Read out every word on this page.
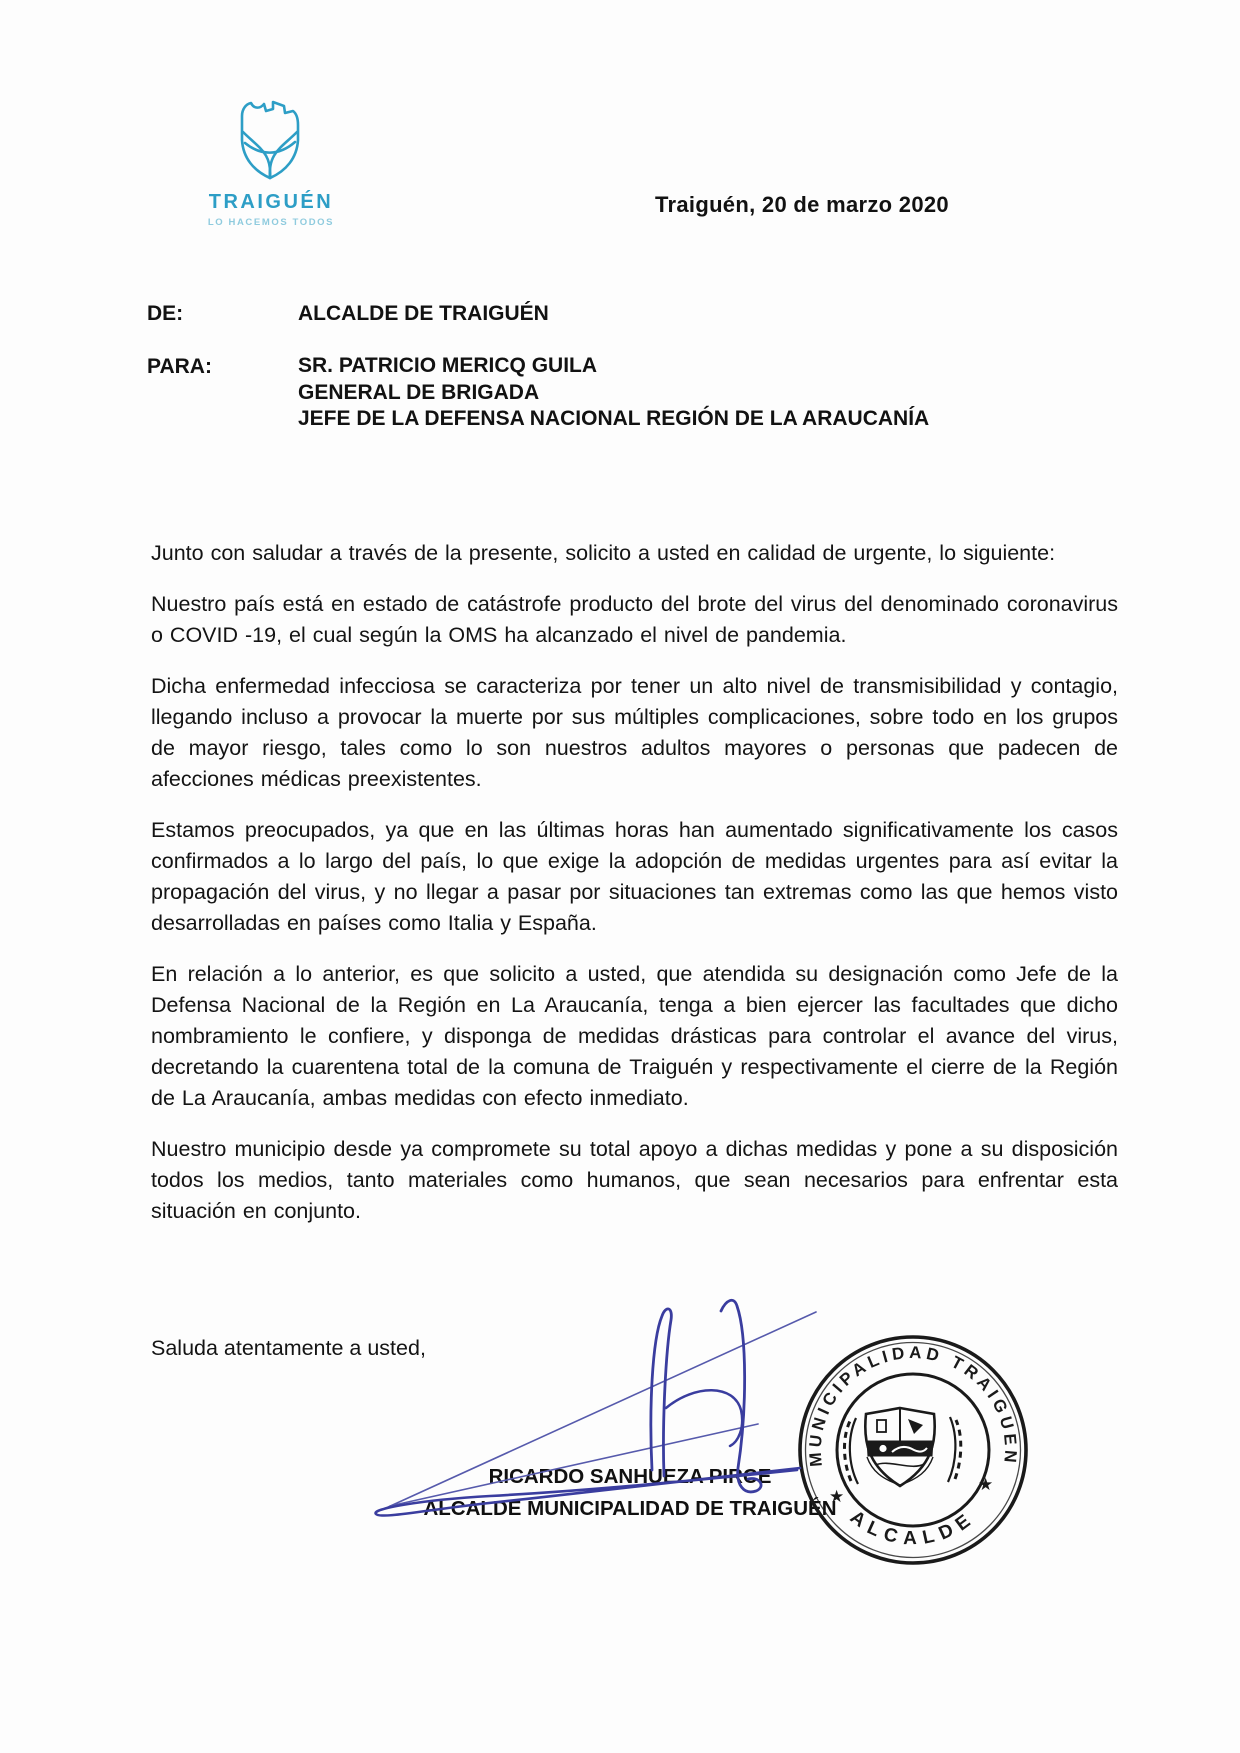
TRAIGUÉN
LO HACEMOS TODOS
Traiguén, 20 de marzo 2020
DE:	ALCALDE DE TRAIGUÉN
PARA:	SR. PATRICIO MERICQ GUILA
GENERAL DE BRIGADA
JEFE DE LA DEFENSA NACIONAL REGIÓN DE LA ARAUCANÍA

Junto con saludar a través de la presente, solicito a usted en calidad de urgente, lo siguiente:

Nuestro país está en estado de catástrofe producto del brote del virus del denominado coronavirus o COVID -19, el cual según la OMS ha alcanzado el nivel de pandemia.

Dicha enfermedad infecciosa se caracteriza por tener un alto nivel de transmisibilidad y contagio, llegando incluso a provocar la muerte por sus múltiples complicaciones, sobre todo en los grupos de mayor riesgo, tales como lo son nuestros adultos mayores o personas que padecen de afecciones médicas preexistentes.

Estamos preocupados, ya que en las últimas horas han aumentado significativamente los casos confirmados a lo largo del país, lo que exige la adopción de medidas urgentes para así evitar la propagación del virus, y no llegar a pasar por situaciones tan extremas como las que hemos visto desarrolladas en países como Italia y España.

En relación a lo anterior, es que solicito a usted, que atendida su designación como Jefe de la Defensa Nacional de la Región en La Araucanía, tenga a bien ejercer las facultades que dicho nombramiento le confiere, y disponga de medidas drásticas para controlar el avance del virus, decretando la cuarentena total de la comuna de Traiguén y respectivamente el cierre de la Región de La Araucanía, ambas medidas con efecto inmediato.

Nuestro municipio desde ya compromete su total apoyo a dichas medidas y pone a su disposición todos los medios, tanto materiales como humanos, que sean necesarios para enfrentar esta situación en conjunto.

Saluda atentamente a usted,
RICARDO SANHUEZA PIRCE
ALCALDE MUNICIPALIDAD DE TRAIGUÉN
MUNICIPALIDAD TRAIGUEN
ALCALDE
★
★
